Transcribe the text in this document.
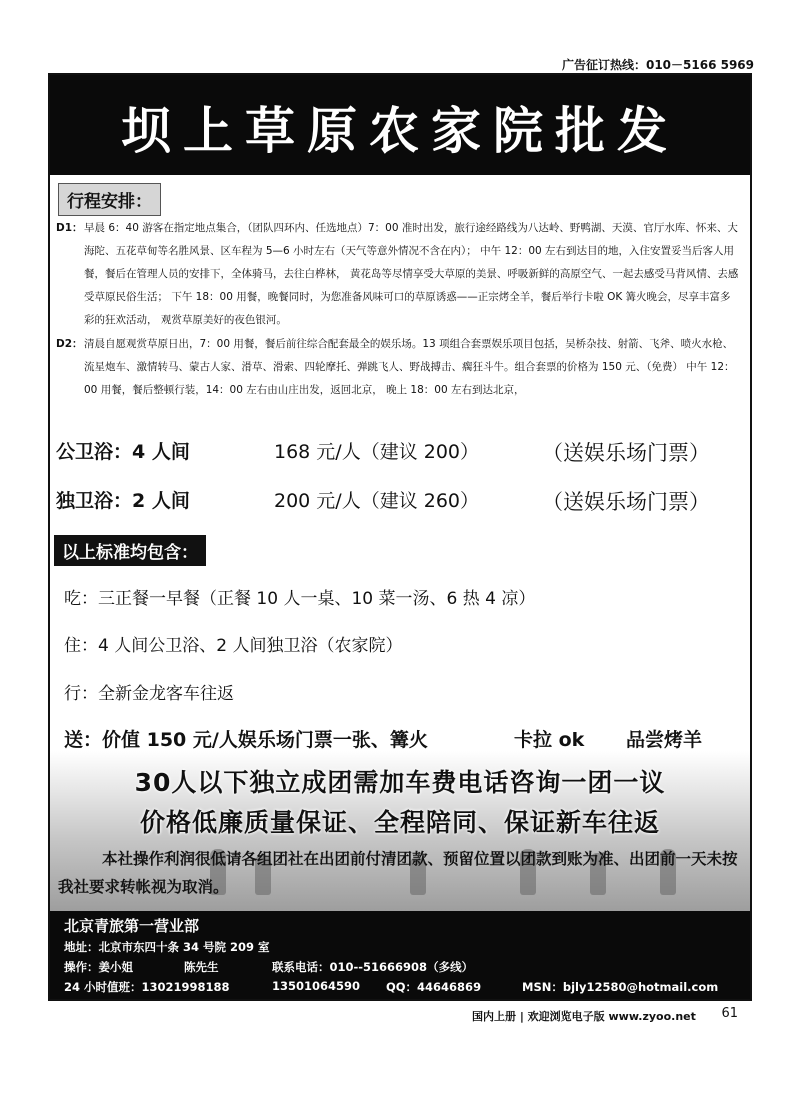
广告征订热线：010－5166 5969
坝上草原农家院批发
行程安排：
D1： 早晨 6：40 游客在指定地点集合，（团队四环内、任选地点）7：00 准时出发，旅行途经路线为八达岭、野鸭湖、天漠、官厅水库、怀来、大海陀、五花草甸等名胜风景、区车程为 5—6 小时左右（天气等意外情况不含在内）； 中午 12：00 左右到达目的地，入住安置妥当后客人用餐，餐后在管理人员的安排下，全体骑马，去往白桦林， 黄花岛等尽情享受大草原的美景、呼吸新鲜的高原空气、一起去感受马背风情、去感受草原民俗生活； 下午 18：00 用餐，晚餐同时，为您准备风味可口的草原诱惑——正宗烤全羊，餐后举行卡啦 OK 篝火晚会，尽享丰富多彩的狂欢活动， 观赏草原美好的夜色银河。
D2： 清晨自愿观赏草原日出，7：00 用餐，餐后前往综合配套最全的娱乐场。13 项组合套票娱乐项目包括，吴桥杂技、射箭、飞斧、喷火水枪、流星炮车、激情转马、蒙古人家、滑草、滑索、四轮摩托、弹跳飞人、野战搏击、瘸狂斗牛。组合套票的价格为 150 元、（免费） 中午 12：00 用餐，餐后整顿行装，14：00 左右由山庄出发，返回北京， 晚上 18：00 左右到达北京，
公卫浴：4 人间	168 元/人（建议 200）	（送娱乐场门票）
独卫浴：2 人间	200 元/人（建议 260）	（送娱乐场门票）
以上标准均包含：
吃：三正餐一早餐（正餐 10 人一桌、10 菜一汤、6 热 4 凉）
住：4 人间公卫浴、2 人间独卫浴（农家院）
行：全新金龙客车往返
送：价值 150 元/人娱乐场门票一张、篝火	卡拉 ok 品尝烤羊
30人以下独立成团需加车费电话咨询一团一议
价格低廉质量保证、全程陪同、保证新车往返
本社操作利润很低请各组团社在出团前付清团款、预留位置以团款到账为准、出团前一天未按我社要求转帐视为取消。
北京青旅第一营业部
地址：北京市东四十条 34 号院 209 室
操作：姜小姐	陈先生	联系电话：010--51666908（多线）
24 小时值班：13021998188	13501064590 QQ：44646869	MSN：bjly12580@hotmail.com
国内上册 | 欢迎浏览电子版 www.zyoo.net 61
